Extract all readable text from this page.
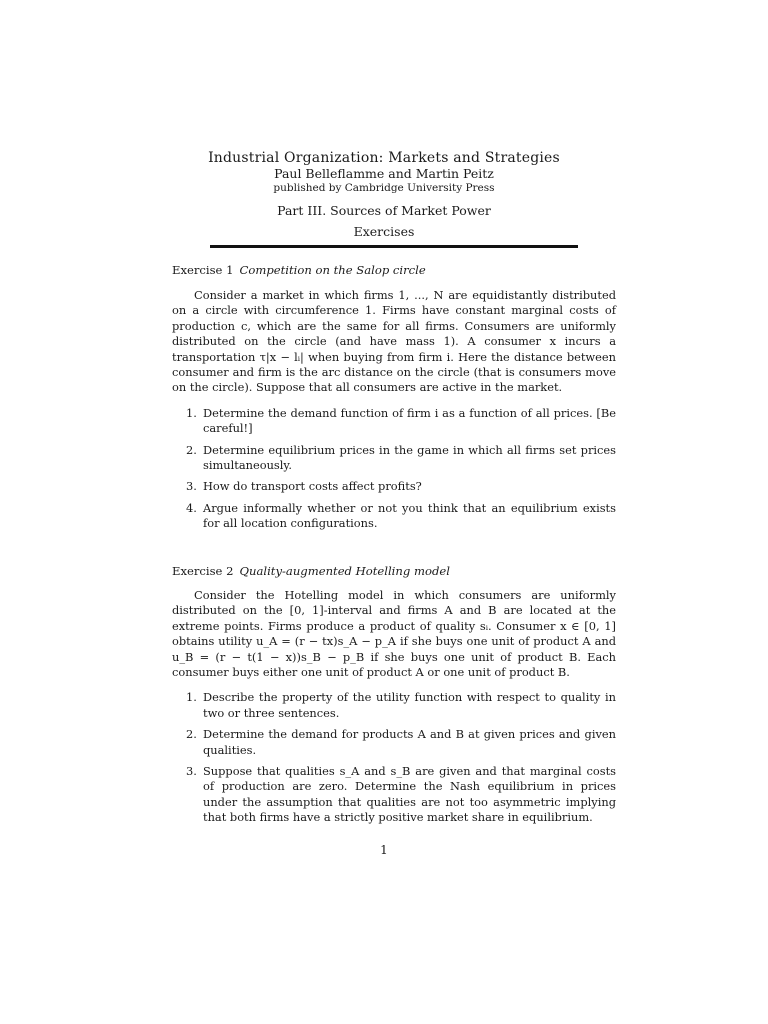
Industrial Organization: Markets and Strategies
Paul Belleflamme and Martin Peitz
published by Cambridge University Press
Part III. Sources of Market Power
Exercises
Exercise 1 Competition on the Salop circle

Consider a market in which firms 1, ..., N are equidistantly distributed on a circle with circumference 1. Firms have constant marginal costs of production c, which are the same for all firms. Consumers are uniformly distributed on the circle (and have mass 1). A consumer x incurs a transportation τ|x − lᵢ| when buying from firm i. Here the distance between consumer and firm is the arc distance on the circle (that is consumers move on the circle). Suppose that all consumers are active in the market.

1. Determine the demand function of firm i as a function of all prices. [Be careful!]
2. Determine equilibrium prices in the game in which all firms set prices simultaneously.
3. How do transport costs affect profits?
4. Argue informally whether or not you think that an equilibrium exists for all location configurations.
Exercise 2 Quality-augmented Hotelling model

Consider the Hotelling model in which consumers are uniformly distributed on the [0, 1]-interval and firms A and B are located at the extreme points. Firms produce a product of quality sᵢ. Consumer x ∈ [0, 1] obtains utility u_A = (r − tx)s_A − p_A if she buys one unit of product A and u_B = (r − t(1 − x))s_B − p_B if she buys one unit of product B. Each consumer buys either one unit of product A or one unit of product B.

1. Describe the property of the utility function with respect to quality in two or three sentences.
2. Determine the demand for products A and B at given prices and given qualities.
3. Suppose that qualities s_A and s_B are given and that marginal costs of production are zero. Determine the Nash equilibrium in prices under the assumption that qualities are not too asymmetric implying that both firms have a strictly positive market share in equilibrium.
1
